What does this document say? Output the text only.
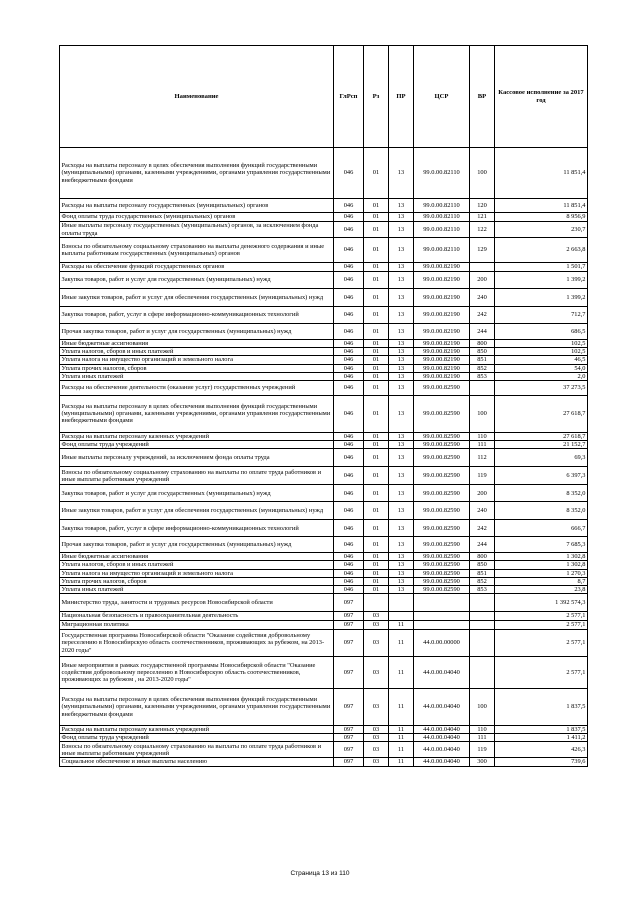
Наименование	ГлРсп	Рз	ПР	ЦСР	ВР	Кассовое исполнение за 2017 год
Расходы на выплаты персоналу в целях обеспечения выполнения функций государственными (муниципальными) органами, казенными учреждениями, органами управления государственными внебюджетными фондами	046	01	13	99.0.00.82110	100	11 851,4
Расходы на выплаты персоналу государственных (муниципальных) органов	046	01	13	99.0.00.82110	120	11 851,4
Фонд оплаты труда государственных (муниципальных) органов	046	01	13	99.0.00.82110	121	8 956,9
Иные выплаты персоналу государственных (муниципальных) органов, за исключением фонда оплаты труда	046	01	13	99.0.00.82110	122	230,7
Взносы по обязательному социальному страхованию на выплаты денежного содержания и иные выплаты работникам государственных (муниципальных) органов	046	01	13	99.0.00.82110	129	2 663,8
Расходы на обеспечение функций государственных органов	046	01	13	99.0.00.82190		1 501,7
Закупка товаров, работ и услуг для государственных (муниципальных) нужд	046	01	13	99.0.00.82190	200	1 399,2
Иные закупки товаров, работ и услуг для обеспечения государственных (муниципальных) нужд	046	01	13	99.0.00.82190	240	1 399,2
Закупка товаров, работ, услуг в сфере информационно-коммуникационных технологий	046	01	13	99.0.00.82190	242	712,7
Прочая закупка товаров, работ и услуг для государственных (муниципальных) нужд	046	01	13	99.0.00.82190	244	686,5
Иные бюджетные ассигнования	046	01	13	99.0.00.82190	800	102,5
Уплата налогов, сборов и иных платежей	046	01	13	99.0.00.82190	850	102,5
Уплата налога на имущество организаций и земельного налога	046	01	13	99.0.00.82190	851	46,5
Уплата прочих налогов, сборов	046	01	13	99.0.00.82190	852	54,0
Уплата иных платежей	046	01	13	99.0.00.82190	853	2,0
Расходы на обеспечение деятельности (оказание услуг) государственных учреждений	046	01	13	99.0.00.82590		37 273,5
Расходы на выплаты персоналу в целях обеспечения выполнения функций государственными (муниципальными) органами, казенными учреждениями, органами управления государственными внебюджетными фондами	046	01	13	99.0.00.82590	100	27 618,7
Расходы на выплаты персоналу казенных учреждений	046	01	13	99.0.00.82590	110	27 618,7
Фонд оплаты труда учреждений	046	01	13	99.0.00.82590	111	21 152,7
Иные выплаты персоналу учреждений, за исключением фонда оплаты труда	046	01	13	99.0.00.82590	112	69,3
Взносы по обязательному социальному страхованию на выплаты по оплате труда работников и иные выплаты работникам учреждений	046	01	13	99.0.00.82590	119	6 397,3
Закупка товаров, работ и услуг для государственных (муниципальных) нужд	046	01	13	99.0.00.82590	200	8 352,0
Иные закупки товаров, работ и услуг для обеспечения государственных (муниципальных) нужд	046	01	13	99.0.00.82590	240	8 352,0
Закупка товаров, работ, услуг в сфере информационно-коммуникационных технологий	046	01	13	99.0.00.82590	242	666,7
Прочая закупка товаров, работ и услуг для государственных (муниципальных) нужд	046	01	13	99.0.00.82590	244	7 685,3
Иные бюджетные ассигнования	046	01	13	99.0.00.82590	800	1 302,8
Уплата налогов, сборов и иных платежей	046	01	13	99.0.00.82590	850	1 302,8
Уплата налога на имущество организаций и земельного налога	046	01	13	99.0.00.82590	851	1 270,3
Уплата прочих налогов, сборов	046	01	13	99.0.00.82590	852	8,7
Уплата иных платежей	046	01	13	99.0.00.82590	853	23,8
Министерство труда, занятости и трудовых ресурсов Новосибирской области	097					1 392 574,3
Национальная безопасность и правоохранительная деятельность	097	03				2 577,1
Миграционная политика	097	03	11			2 577,1
Государственная программа Новосибирской области "Оказание содействия добровольному переселению в Новосибирскую область соотечественников, проживающих за рубежом, на 2013-2020 годы"	097	03	11	44.0.00.00000		2 577,1
Иные мероприятия в рамках государственной программы Новосибирской области "Оказание содействия добровольному переселению в Новосибирскую область соотечественников, проживающих за рубежом , на 2013-2020 годы"	097	03	11	44.0.00.04040		2 577,1
Расходы на выплаты персоналу в целях обеспечения выполнения функций государственными (муниципальными) органами, казенными учреждениями, органами управления государственными внебюджетными фондами	097	03	11	44.0.00.04040	100	1 837,5
Расходы на выплаты персоналу казенных учреждений	097	03	11	44.0.00.04040	110	1 837,5
Фонд оплаты труда учреждений	097	03	11	44.0.00.04040	111	1 411,2
Взносы по обязательному социальному страхованию на выплаты по оплате труда работников и иные выплаты работникам учреждений	097	03	11	44.0.00.04040	119	426,3
Социальное обеспечение и иные выплаты населению	097	03	11	44.0.00.04040	300	739,6
Страница 13 из 110
